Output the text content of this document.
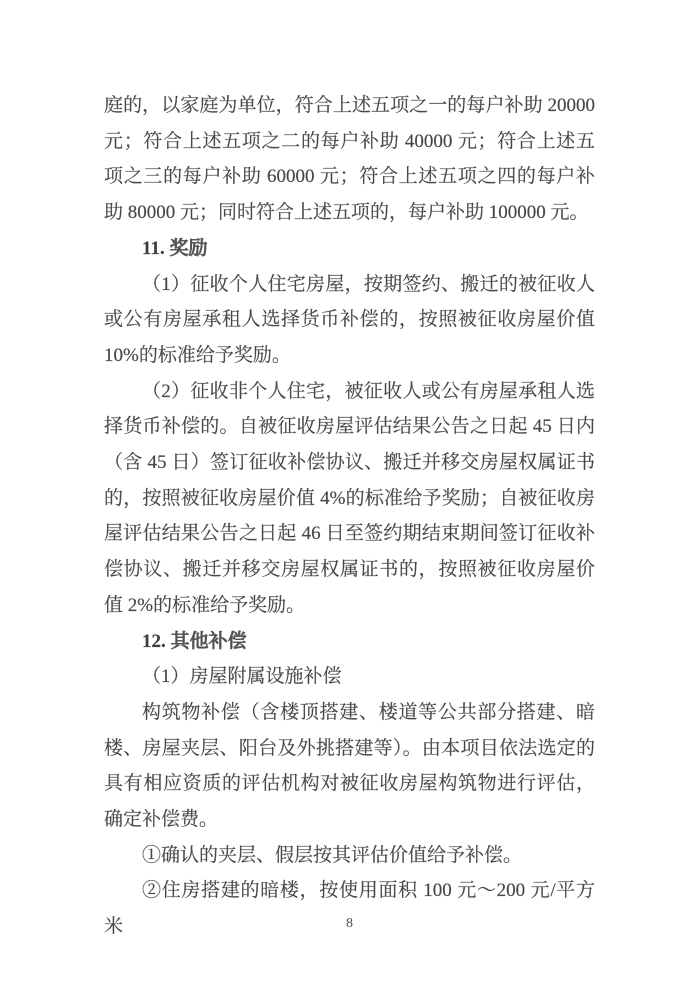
庭的，以家庭为单位，符合上述五项之一的每户补助 20000 元；符合上述五项之二的每户补助 40000 元；符合上述五项之三的每户补助 60000 元；符合上述五项之四的每户补助 80000 元；同时符合上述五项的，每户补助 100000 元。

11. 奖励

（1）征收个人住宅房屋，按期签约、搬迁的被征收人或公有房屋承租人选择货币补偿的，按照被征收房屋价值10%的标准给予奖励。

（2）征收非个人住宅，被征收人或公有房屋承租人选择货币补偿的。自被征收房屋评估结果公告之日起 45 日内（含 45 日）签订征收补偿协议、搬迁并移交房屋权属证书的，按照被征收房屋价值 4%的标准给予奖励；自被征收房屋评估结果公告之日起 46 日至签约期结束期间签订征收补偿协议、搬迁并移交房屋权属证书的，按照被征收房屋价值 2%的标准给予奖励。

12. 其他补偿

（1）房屋附属设施补偿

构筑物补偿（含楼顶搭建、楼道等公共部分搭建、暗楼、房屋夹层、阳台及外挑搭建等）。由本项目依法选定的具有相应资质的评估机构对被征收房屋构筑物进行评估，确定补偿费。

①确认的夹层、假层按其评估价值给予补偿。

②住房搭建的暗楼，按使用面积 100 元～200 元/平方米	8
